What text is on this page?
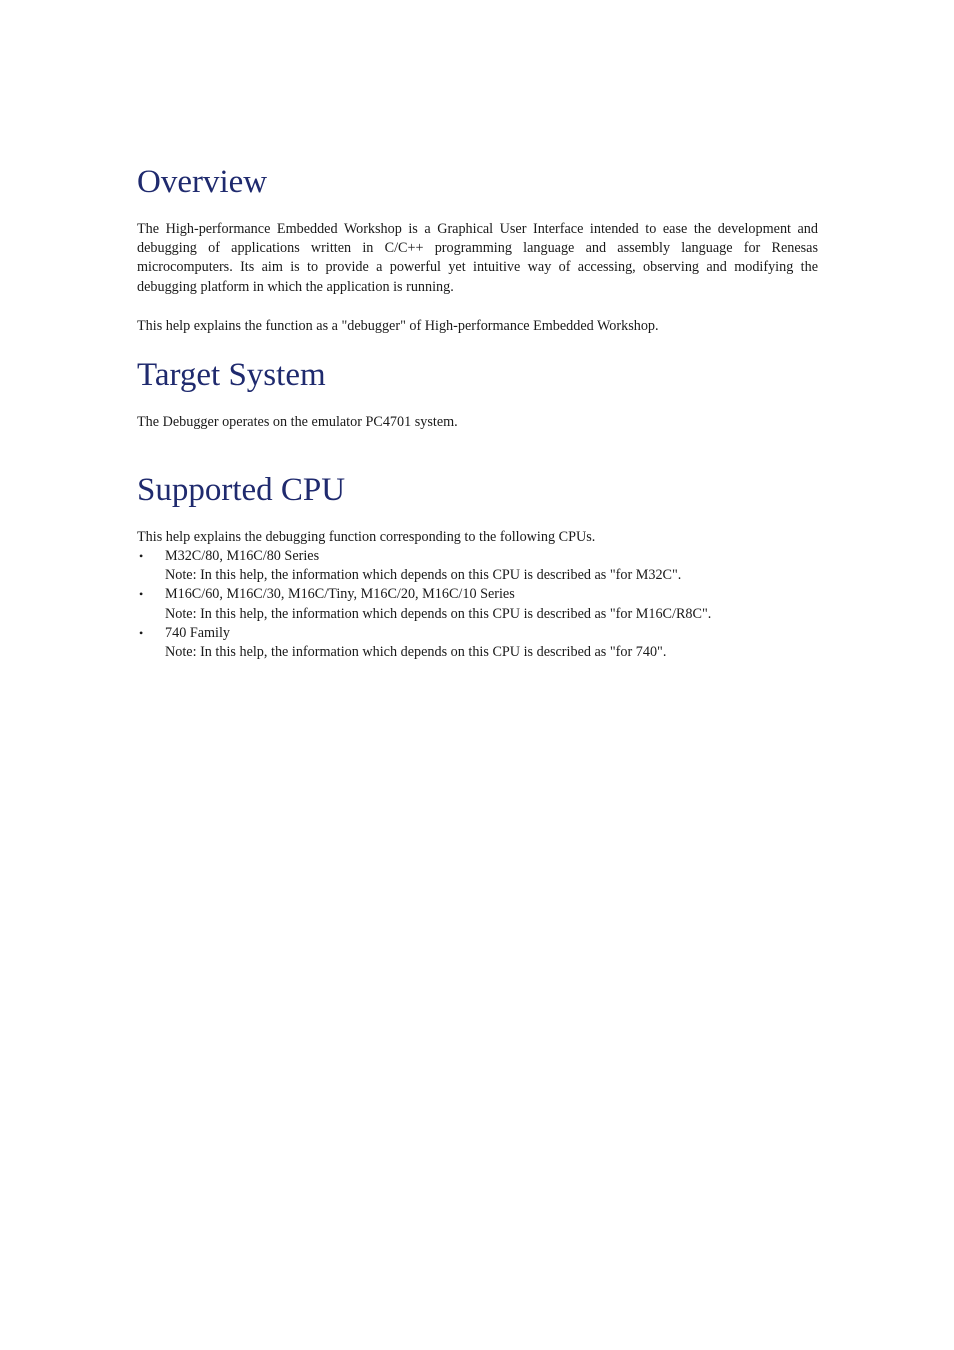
Overview

The High-performance Embedded Workshop is a Graphical User Interface intended to ease the development and debugging of applications written in C/C++ programming language and assembly language for Renesas microcomputers. Its aim is to provide a powerful yet intuitive way of accessing, observing and modifying the debugging platform in which the application is running.

This help explains the function as a "debugger" of High-performance Embedded Workshop.

Target System

The Debugger operates on the emulator PC4701 system.

Supported CPU

This help explains the debugging function corresponding to the following CPUs.

• M32C/80, M16C/80 Series
Note: In this help, the information which depends on this CPU is described as "for M32C".
• M16C/60, M16C/30, M16C/Tiny, M16C/20, M16C/10 Series
Note: In this help, the information which depends on this CPU is described as "for M16C/R8C".
• 740 Family
Note: In this help, the information which depends on this CPU is described as "for 740".
